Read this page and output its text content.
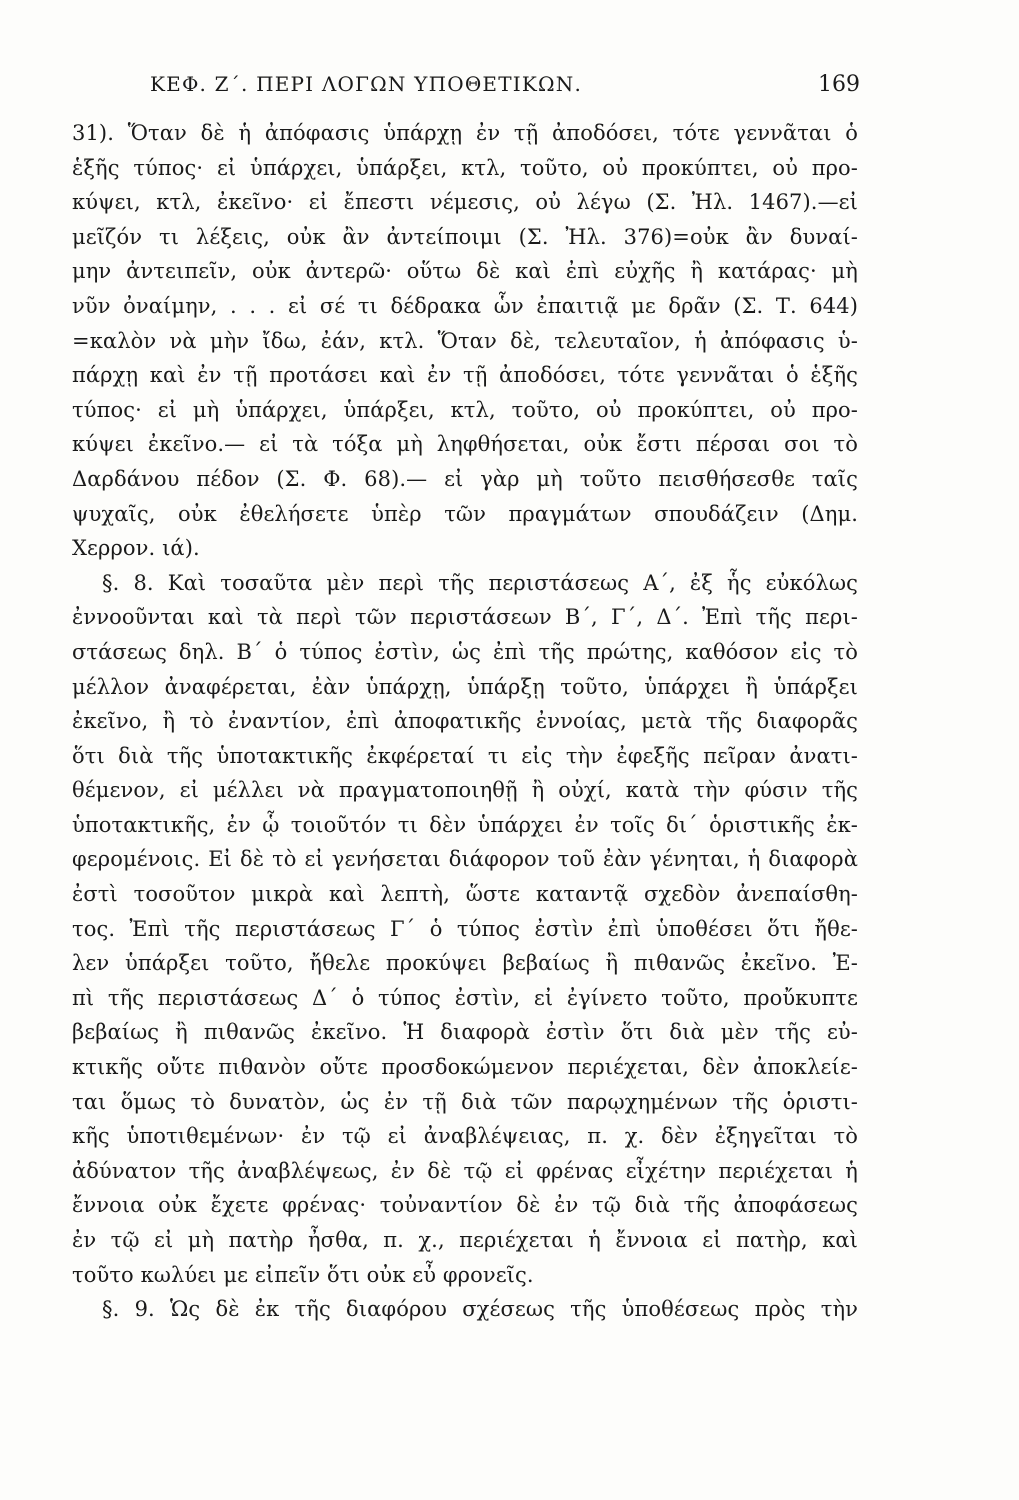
ΚΕΦ. Ζ΄. ΠΕΡΙ ΛΟΓΩΝ ΥΠΟΘΕΤΙΚΩΝ.	169
31). Ὅταν δὲ ἡ ἀπόφασις ὑπάρχῃ ἐν τῇ ἀποδόσει, τότε γεννᾶται ὁ
ἑξῆς τύπος· εἰ ὑπάρχει, ὑπάρξει, κτλ, τοῦτο, οὐ προκύπτει, οὐ προ-
κύψει, κτλ, ἐκεῖνο· εἰ ἔπεστι νέμεσις, οὐ λέγω (Σ. Ἠλ. 1467).—εἰ
μεῖζόν τι λέξεις, οὐκ ἂν ἀντείποιμι (Σ. Ἠλ. 376)=οὐκ ἂν δυναί-
μην ἀντειπεῖν, οὐκ ἀντερῶ· οὕτω δὲ καὶ ἐπὶ εὐχῆς ἢ κατάρας· μὴ
νῦν ὀναίμην, . . . εἰ σέ τι δέδρακα ὧν ἐπαιτιᾷ με δρᾶν (Σ. Τ. 644)
=καλὸν νὰ μὴν ἴδω, ἐάν, κτλ. Ὅταν δὲ, τελευταῖον, ἡ ἀπόφασις ὑ-
πάρχῃ καὶ ἐν τῇ προτάσει καὶ ἐν τῇ ἀποδόσει, τότε γεννᾶται ὁ ἑξῆς
τύπος· εἰ μὴ ὑπάρχει, ὑπάρξει, κτλ, τοῦτο, οὐ προκύπτει, οὐ προ-
κύψει ἐκεῖνο.— εἰ τὰ τόξα μὴ ληφθήσεται, οὐκ ἔστι πέρσαι σοι τὸ
Δαρδάνου πέδον (Σ. Φ. 68).— εἰ γὰρ μὴ τοῦτο πεισθήσεσθε ταῖς
ψυχαῖς, οὐκ ἐθελήσετε ὑπὲρ τῶν πραγμάτων σπουδάζειν (Δημ.
Χερρον. ιά).
§. 8. Καὶ τοσαῦτα μὲν περὶ τῆς περιστάσεως Α΄, ἐξ ἧς εὐκόλως
ἐννοοῦνται καὶ τὰ περὶ τῶν περιστάσεων Β΄, Γ΄, Δ΄. Ἐπὶ τῆς περι-
στάσεως δηλ. Β΄ ὁ τύπος ἐστὶν, ὡς ἐπὶ τῆς πρώτης, καθόσον εἰς τὸ
μέλλον ἀναφέρεται, ἐὰν ὑπάρχῃ, ὑπάρξῃ τοῦτο, ὑπάρχει ἢ ὑπάρξει
ἐκεῖνο, ἢ τὸ ἐναντίον, ἐπὶ ἀποφατικῆς ἐννοίας, μετὰ τῆς διαφορᾶς
ὅτι διὰ τῆς ὑποτακτικῆς ἐκφέρεταί τι εἰς τὴν ἐφεξῆς πεῖραν ἀνατι-
θέμενον, εἰ μέλλει νὰ πραγματοποιηθῇ ἢ οὐχί, κατὰ τὴν φύσιν τῆς
ὑποτακτικῆς, ἐν ᾧ τοιοῦτόν τι δὲν ὑπάρχει ἐν τοῖς δι΄ ὁριστικῆς ἐκ-
φερομένοις. Εἰ δὲ τὸ εἰ γενήσεται διάφορον τοῦ ἐὰν γένηται, ἡ διαφορὰ
ἐστὶ τοσοῦτον μικρὰ καὶ λεπτὴ, ὥστε καταντᾷ σχεδὸν ἀνεπαίσθη-
τος. Ἐπὶ τῆς περιστάσεως Γ΄ ὁ τύπος ἐστὶν ἐπὶ ὑποθέσει ὅτι ἤθε-
λεν ὑπάρξει τοῦτο, ἤθελε προκύψει βεβαίως ἢ πιθανῶς ἐκεῖνο. Ἐ-
πὶ τῆς περιστάσεως Δ΄ ὁ τύπος ἐστὶν, εἰ ἐγίνετο τοῦτο, προὔκυπτε
βεβαίως ἢ πιθανῶς ἐκεῖνο. Ἡ διαφορὰ ἐστὶν ὅτι διὰ μὲν τῆς εὐ-
κτικῆς οὔτε πιθανὸν οὔτε προσδοκώμενον περιέχεται, δὲν ἀποκλείε-
ται ὅμως τὸ δυνατὸν, ὡς ἐν τῇ διὰ τῶν παρῳχημένων τῆς ὁριστι-
κῆς ὑποτιθεμένων· ἐν τῷ εἰ ἀναβλέψειας, π. χ. δὲν ἐξηγεῖται τὸ
ἀδύνατον τῆς ἀναβλέψεως, ἐν δὲ τῷ εἰ φρένας εἶχέτην περιέχεται ἡ
ἔννοια οὐκ ἔχετε φρένας· τοὐναντίον δὲ ἐν τῷ διὰ τῆς ἀποφάσεως
ἐν τῷ εἰ μὴ πατὴρ ἦσθα, π. χ., περιέχεται ἡ ἔννοια εἰ πατὴρ, καὶ
τοῦτο κωλύει με εἰπεῖν ὅτι οὐκ εὖ φρονεῖς.
§. 9. Ὡς δὲ ἐκ τῆς διαφόρου σχέσεως τῆς ὑποθέσεως πρὸς τὴν
